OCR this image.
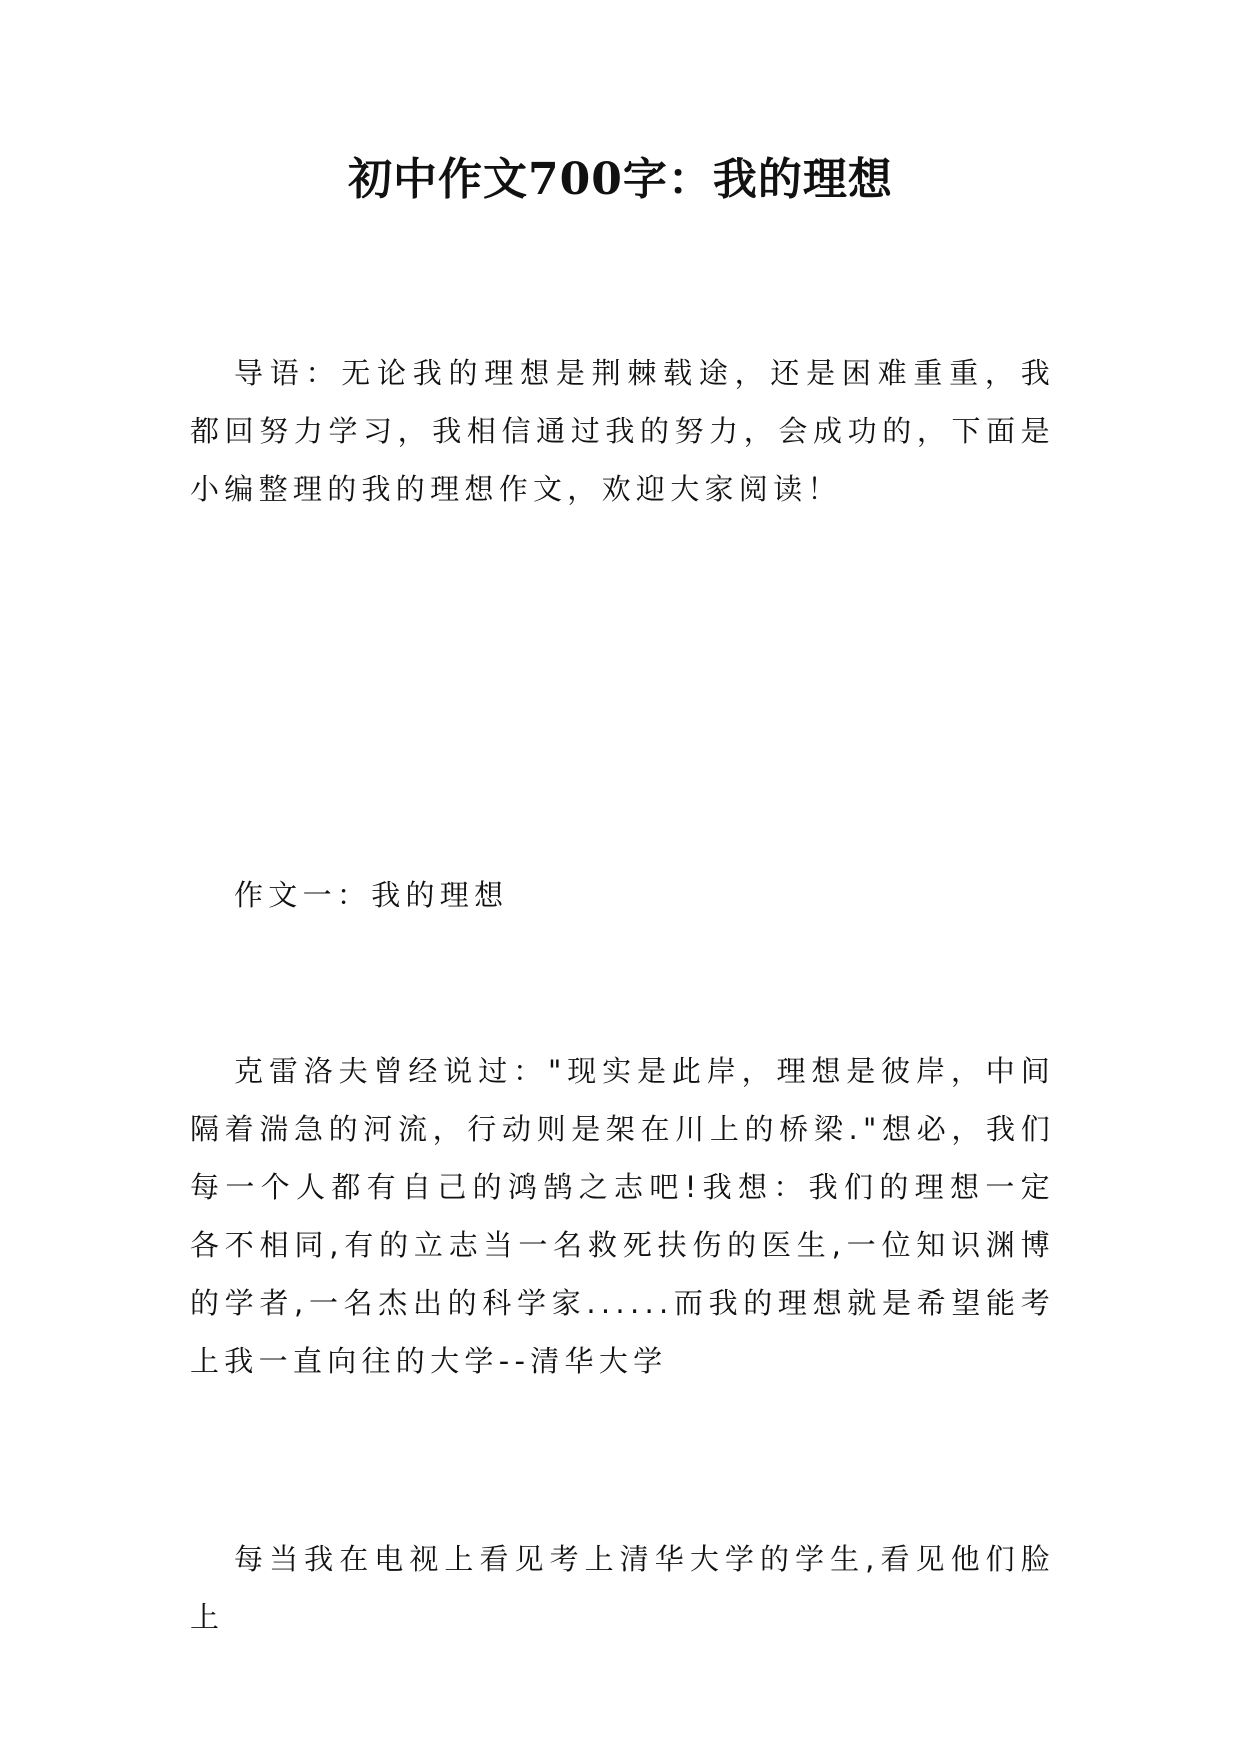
初中作文700字：我的理想

导语：无论我的理想是荆棘载途，还是困难重重，我都回努力学习，我相信通过我的努力，会成功的，下面是小编整理的我的理想作文，欢迎大家阅读！

作文一：我的理想

克雷洛夫曾经说过："现实是此岸，理想是彼岸，中间隔着湍急的河流，行动则是架在川上的桥梁."想必，我们每一个人都有自己的鸿鹄之志吧!我想：我们的理想一定各不相同,有的立志当一名救死扶伤的医生,一位知识渊博的学者,一名杰出的科学家......而我的理想就是希望能考上我一直向往的大学--清华大学

每当我在电视上看见考上清华大学的学生,看见他们脸上
